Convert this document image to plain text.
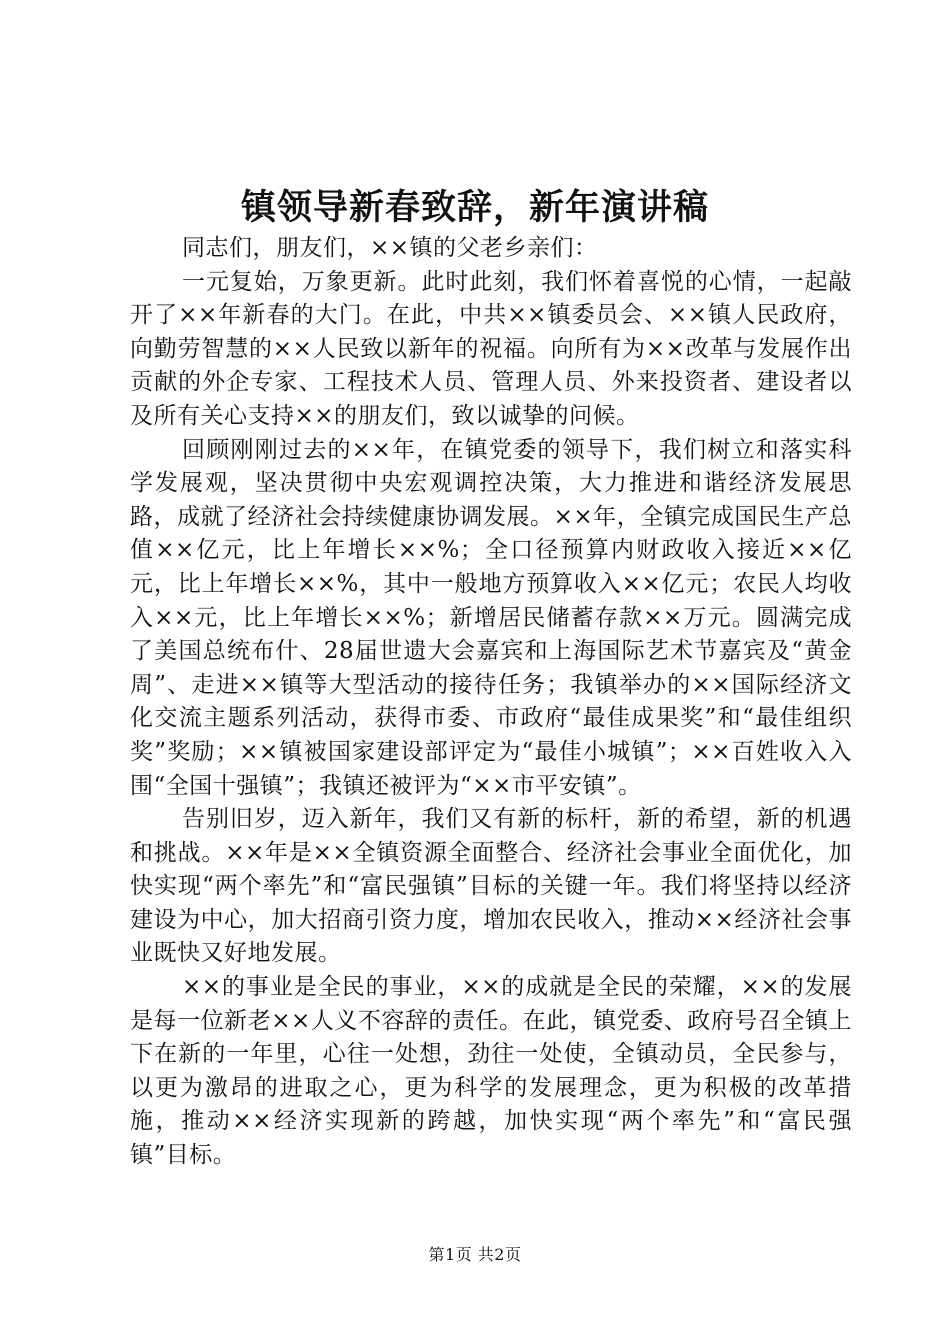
镇领导新春致辞，新年演讲稿

同志们，朋友们，××镇的父老乡亲们：

一元复始，万象更新。此时此刻，我们怀着喜悦的心情，一起敲开了××年新春的大门。在此，中共××镇委员会、××镇人民政府，向勤劳智慧的××人民致以新年的祝福。向所有为××改革与发展作出贡献的外企专家、工程技术人员、管理人员、外来投资者、建设者以及所有关心支持××的朋友们，致以诚挚的问候。

回顾刚刚过去的××年，在镇党委的领导下，我们树立和落实科学发展观，坚决贯彻中央宏观调控决策，大力推进和谐经济发展思路，成就了经济社会持续健康协调发展。××年，全镇完成国民生产总值××亿元，比上年增长××%；全口径预算内财政收入接近××亿元，比上年增长××%，其中一般地方预算收入××亿元；农民人均收入××元，比上年增长××%；新增居民储蓄存款××万元。圆满完成了美国总统布什、28届世遗大会嘉宾和上海国际艺术节嘉宾及“黄金周”、走进××镇等大型活动的接待任务；我镇举办的××国际经济文化交流主题系列活动，获得市委、市政府“最佳成果奖”和“最佳组织奖”奖励；××镇被国家建设部评定为“最佳小城镇”；××百姓收入入围“全国十强镇”；我镇还被评为“××市平安镇”。

告别旧岁，迈入新年，我们又有新的标杆，新的希望，新的机遇和挑战。××年是××全镇资源全面整合、经济社会事业全面优化，加快实现“两个率先”和“富民强镇”目标的关键一年。我们将坚持以经济建设为中心，加大招商引资力度，增加农民收入，推动××经济社会事业既快又好地发展。

××的事业是全民的事业，××的成就是全民的荣耀，××的发展是每一位新老××人义不容辞的责任。在此，镇党委、政府号召全镇上下在新的一年里，心往一处想，劲往一处使，全镇动员，全民参与，以更为激昂的进取之心，更为科学的发展理念，更为积极的改革措施，推动××经济实现新的跨越，加快实现“两个率先”和“富民强镇”目标。

第1页 共2页
